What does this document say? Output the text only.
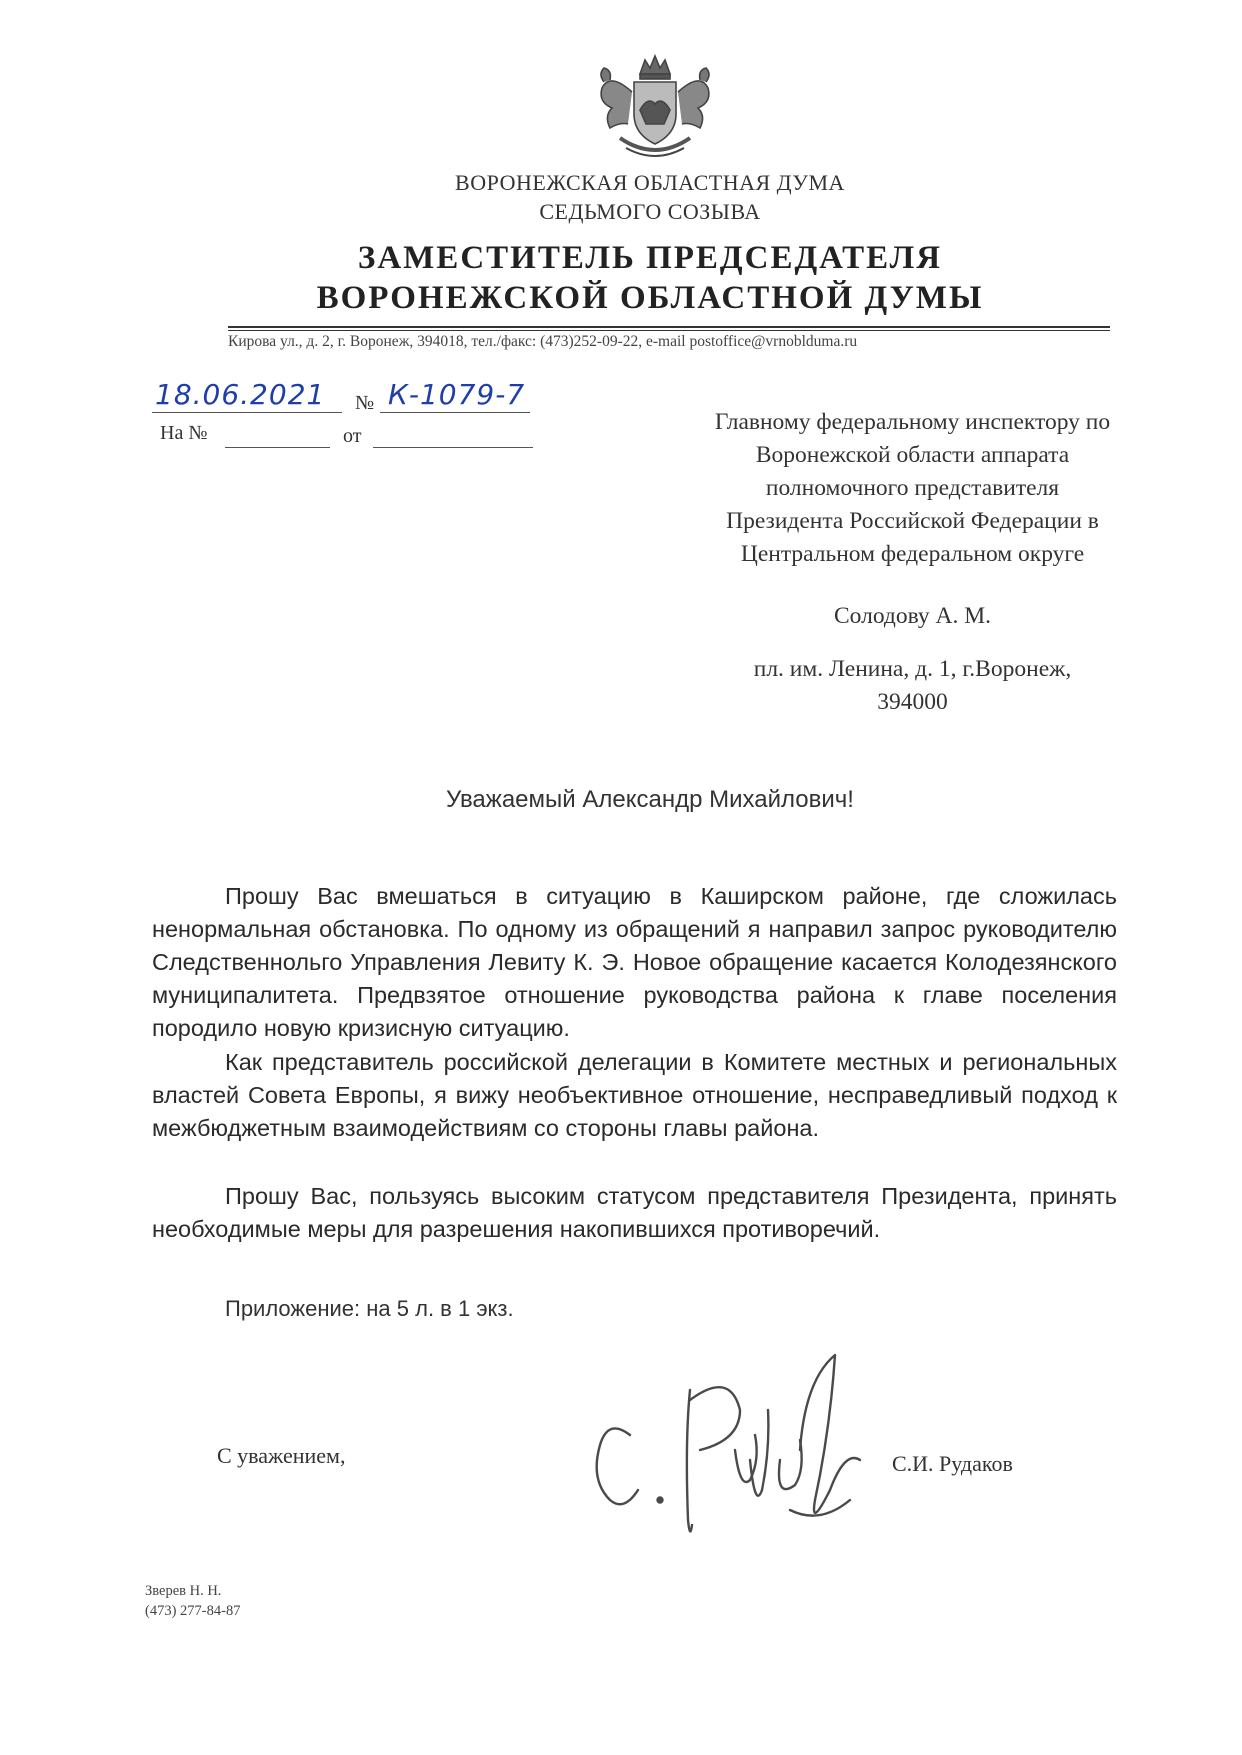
ВОРОНЕЖСКАЯ ОБЛАСТНАЯ ДУМА
СЕДЬМОГО СОЗЫВА
ЗАМЕСТИТЕЛЬ ПРЕДСЕДАТЕЛЯ
ВОРОНЕЖСКОЙ ОБЛАСТНОЙ ДУМЫ
Кирова ул., д. 2, г. Воронеж, 394018, тел./факс: (473)252-09-22, e-mail postoffice@vrnoblduma.ru
18.06.2021 № К-1079-7
На №	от
Главному федеральному инспектору по
Воронежской области аппарата
полномочного представителя
Президента Российской Федерации в
Центральном федеральном округе
Солодову А. М.
пл. им. Ленина, д. 1, г.Воронеж,
394000
Уважаемый Александр Михайлович!
Прошу Вас вмешаться в ситуацию в Каширском районе, где сложилась ненормальная обстановка. По одному из обращений я направил запрос руководителю Следственнольго Управления Левиту К. Э. Новое обращение касается Колодезянского муниципалитета. Предвзятое отношение руководства района к главе поселения породило новую кризисную ситуацию.
Как представитель российской делегации в Комитете местных и региональных властей Совета Европы, я вижу необъективное отношение, несправедливый подход к межбюджетным взаимодействиям со стороны главы района.
Прошу Вас, пользуясь высоким статусом представителя Президента, принять необходимые меры для разрешения накопившихся противоречий.
Приложение: на 5 л. в 1 экз.
С уважением,	С.И. Рудаков
Зверев Н. Н.
(473) 277-84-87
